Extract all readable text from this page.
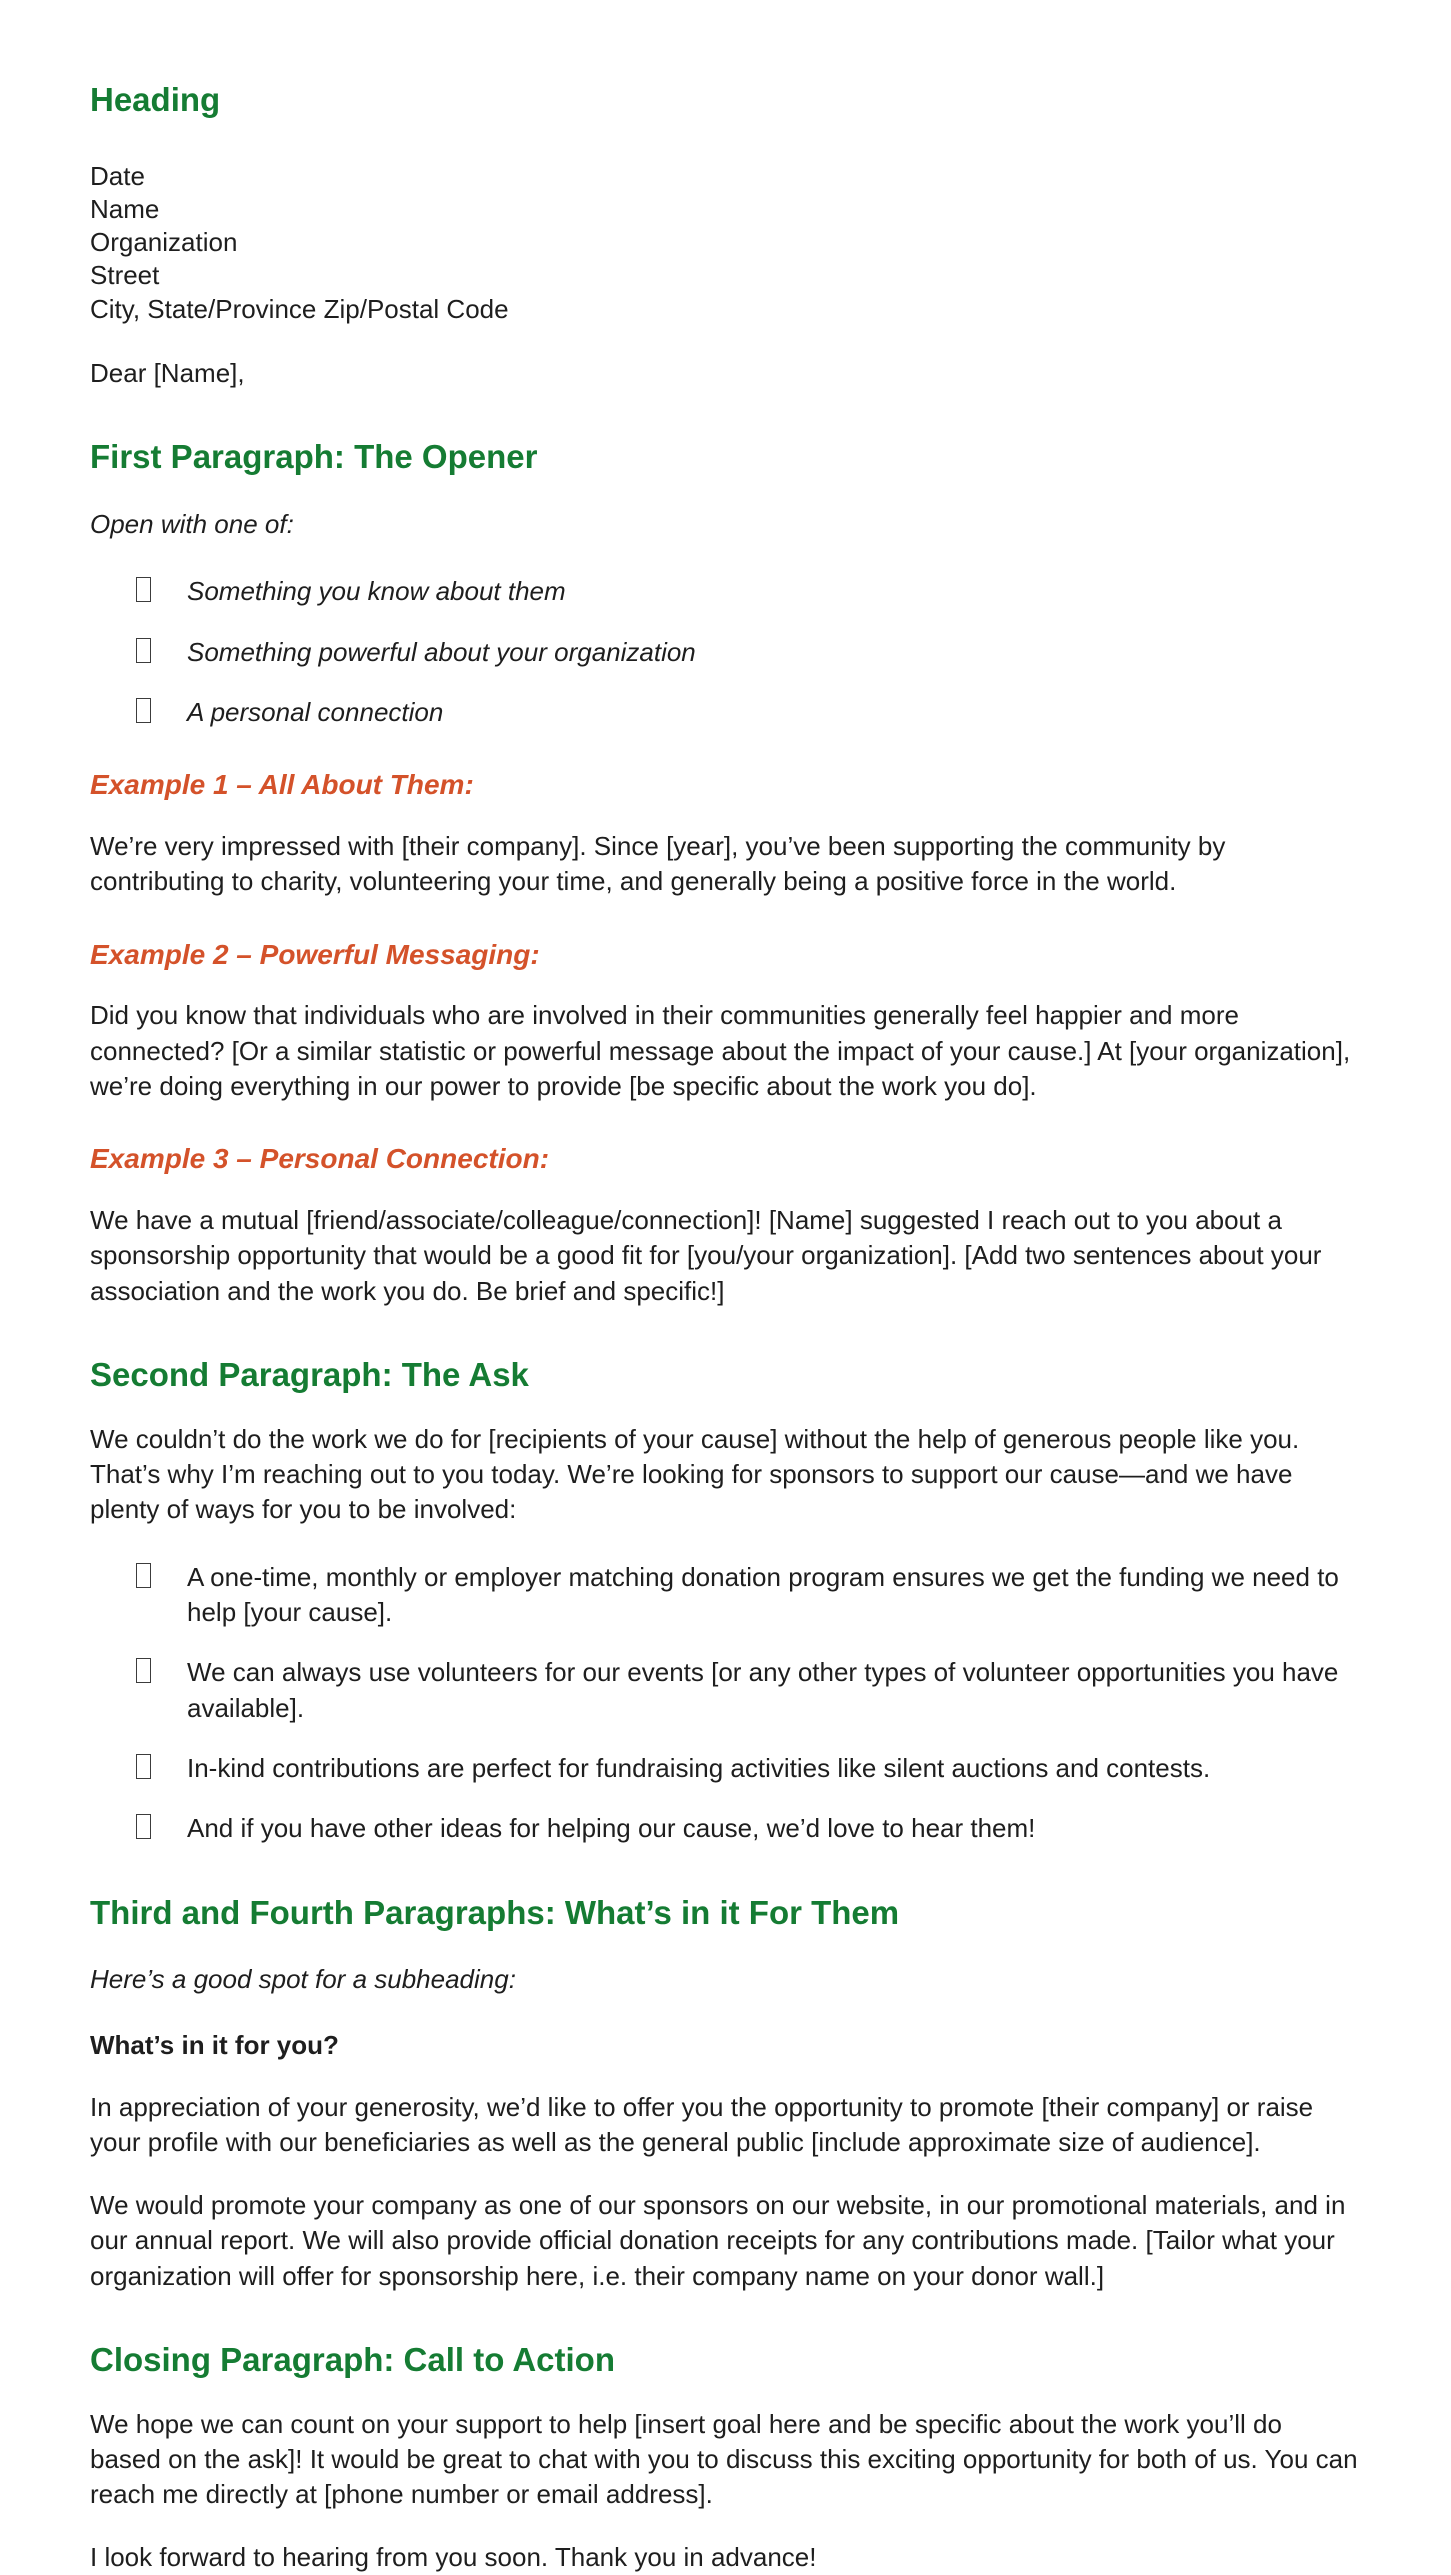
Heading
Date
Name
Organization
Street
City, State/Province Zip/Postal Code

Dear [Name],

First Paragraph: The Opener

Open with one of:

Something you know about them
Something powerful about your organization
A personal connection
Example 1 – All About Them:

We’re very impressed with [their company]. Since [year], you’ve been supporting the community by contributing to charity, volunteering your time, and generally being a positive force in the world.

Example 2 – Powerful Messaging:

Did you know that individuals who are involved in their communities generally feel happier and more connected? [Or a similar statistic or powerful message about the impact of your cause.] At [your organization], we’re doing everything in our power to provide [be specific about the work you do].

Example 3 – Personal Connection:

We have a mutual [friend/associate/colleague/connection]! [Name] suggested I reach out to you about a sponsorship opportunity that would be a good fit for [you/your organization]. [Add two sentences about your association and the work you do. Be brief and specific!]

Second Paragraph: The Ask

We couldn’t do the work we do for [recipients of your cause] without the help of generous people like you. That’s why I’m reaching out to you today. We’re looking for sponsors to support our cause—and we have plenty of ways for you to be involved:

A one-time, monthly or employer matching donation program ensures we get the funding we need to help [your cause].
We can always use volunteers for our events [or any other types of volunteer opportunities you have available].
In-kind contributions are perfect for fundraising activities like silent auctions and contests.
And if you have other ideas for helping our cause, we’d love to hear them!
Third and Fourth Paragraphs: What’s in it For Them

Here’s a good spot for a subheading:

What’s in it for you?

In appreciation of your generosity, we’d like to offer you the opportunity to promote [their company] or raise your profile with our beneficiaries as well as the general public [include approximate size of audience].

We would promote your company as one of our sponsors on our website, in our promotional materials, and in our annual report. We will also provide official donation receipts for any contributions made. [Tailor what your organization will offer for sponsorship here, i.e. their company name on your donor wall.]

Closing Paragraph: Call to Action

We hope we can count on your support to help [insert goal here and be specific about the work you’ll do based on the ask]! It would be great to chat with you to discuss this exciting opportunity for both of us. You can reach me directly at [phone number or email address].

I look forward to hearing from you soon. Thank you in advance!
